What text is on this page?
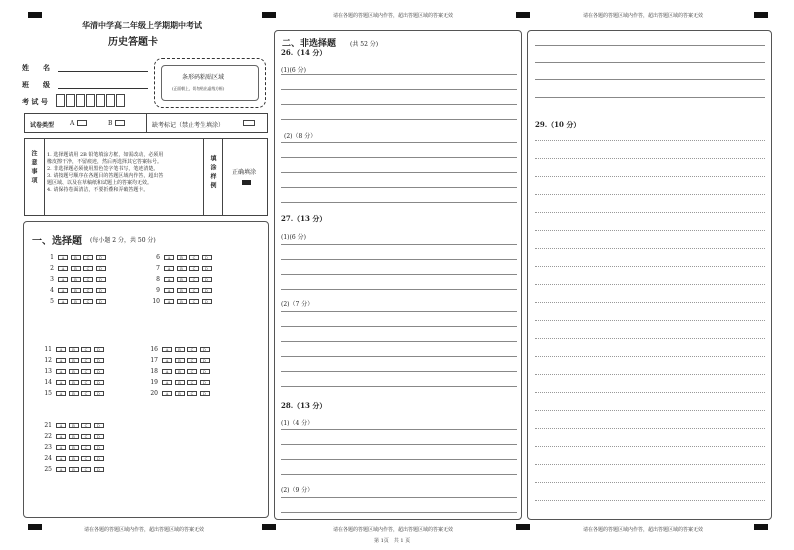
请在各题的答题区域内作答，超出答题区域的答案无效	请在各题的答题区域内作答，超出答题区域的答案无效
请在各题的答题区域内作答，超出答题区域的答案无效	请在各题的答题区域内作答，超出答题区域的答案无效	请在各题的答题区域内作答，超出答题区域的答案无效
华清中学高二年级上学期期中考试
历史答题卡
姓　　名
班　　级
考 试 号
条形码粘贴区域
(正面朝上，切勿贴出虚线方框)
试卷类型	A	B	缺考标记（禁止考生填涂）
注意事项 1. 选择题请用 2B 铅笔填涂方框，如需改动，必须用

橡皮擦干净，不留痕迹，然后再选择其它答案标号。

2. 非选择题必须使用黑色签字笔书写，笔迹清楚。

3. 请按题号顺序在各题目的答题区域内作答，超出答

题区域、以及在草稿纸和试题上的答案均无效。

4. 请保持卷面清洁，不要折叠和弄破答题卡。	填涂样例	正确填涂
一、选择题 (每小题 2 分，共 50 分)
1	A	B	C	D
2	A	B	C	D
3	A	B	C	D
4	A	B	C	D
5	A	B	C	D
6	A	B	C	D
7	A	B	C	D
8	A	B	C	D
9	A	B	C	D
10	A	B	C	D
11	A	B	C	D
12	A	B	C	D
13	A	B	C	D
14	A	B	C	D
15	A	B	C	D
16	A	B	C	D
17	A	B	C	D
18	A	B	C	D
19	A	B	C	D
20	A	B	C	D
21	A	B	C	D
22	A	B	C	D
23	A	B	C	D
24	A	B	C	D
25	A	B	C	D
二、非选择题 (共 52 分)
26.（14 分）
(1)(6 分)
(2)（8 分）
27.（13 分）
(1)(6 分)
(2)（7 分）
28.（13 分）
(1)（4 分）
(2)（9 分）
29.（10 分）
第 1页　共 1 页
